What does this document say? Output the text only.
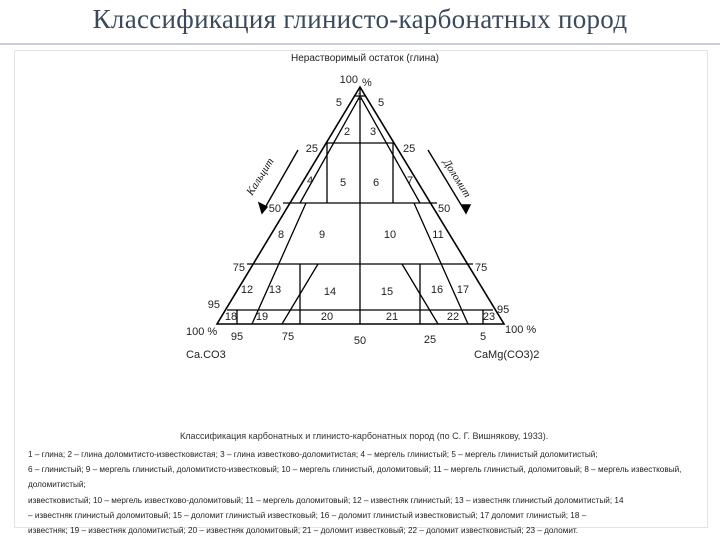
Классификация глинисто-карбонатных пород
Нерастворимый остаток (глина)
100 %
Кальцит	Доломит
5
25
50
75
95
5
25
50
75
95
100 %	100 %
95	75	50	25	5
Ca.CO3	CaMg(CO3)2
1
2 3
4 5 6	7
8	9	10	11
12 13	14	15	16 17
18 19	20	21	22 23
Классификация карбонатных и глинисто-карбонатных пород (по С. Г. Вишнякову, 1933).
1 – глина; 2 – глина доломитисто-известковистая; 3 – глина известково-доломитистая; 4 – мергель глинистый; 5 – мергель глинистый доломитистый;
6 – глинистый; 9 – мергель глинистый, доломитисто-известковый; 10 – мергель глинистый, доломитовый; 11 – мергель глинистый, доломитовый; 8 – мергель известковый, доломитистый;
известковистый; 10 – мергель известково-доломитовый; 11 – мергель доломитовый; 12 – известняк глинистый; 13 – известняк глинистый доломитистый; 14
– известняк глинистый доломитовый; 15 – доломит глинистый известковый; 16 – доломит глинистый известковистый; 17 доломит глинистый; 18 –
известняк; 19 – известняк доломитистый; 20 – известняк доломитовый; 21 – доломит известковый; 22 – доломит известковистый; 23 – доломит.
